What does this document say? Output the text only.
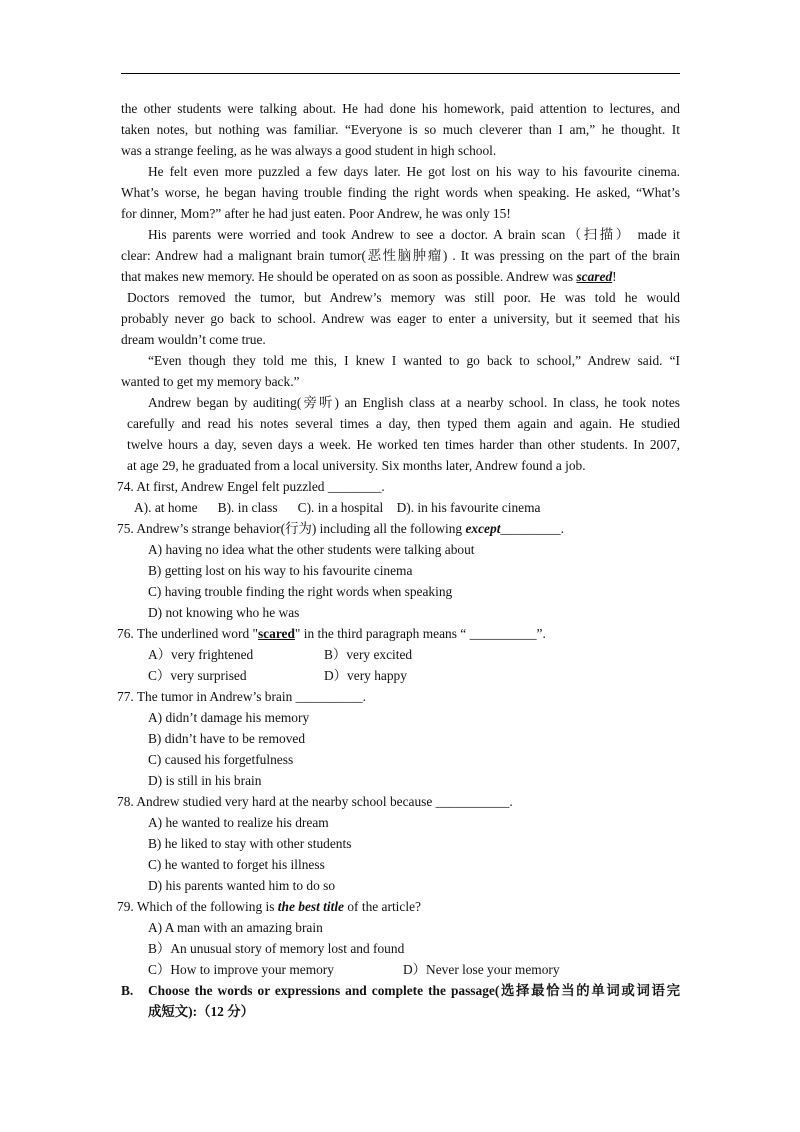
the other students were talking about. He had done his homework, paid attention to lectures, and
taken notes, but nothing was familiar. “Everyone is so much cleverer than I am,” he thought. It
was a strange feeling, as he was always a good student in high school.
He felt even more puzzled a few days later. He got lost on his way to his favourite cinema.
What’s worse, he began having trouble finding the right words when speaking. He asked, “What’s
for dinner, Mom?” after he had just eaten. Poor Andrew, he was only 15!
His parents were worried and took Andrew to see a doctor. A brain scan（扫描） made it
clear: Andrew had a malignant brain tumor(恶性脑肿瘤) . It was pressing on the part of the brain
that makes new memory. He should be operated on as soon as possible. Andrew was scared!
Doctors removed the tumor, but Andrew’s memory was still poor. He was told he would
probably never go back to school. Andrew was eager to enter a university, but it seemed that his
dream wouldn’t come true.
“Even though they told me this, I knew I wanted to go back to school,” Andrew said. “I
wanted to get my memory back.”
Andrew began by auditing(旁听) an English class at a nearby school. In class, he took notes
carefully and read his notes several times a day, then typed them again and again. He studied
twelve hours a day, seven days a week. He worked ten times harder than other students. In 2007,
at age 29, he graduated from a local university. Six months later, Andrew found a job.
74. At first, Andrew Engel felt puzzled ________.
A). at home      B). in class      C). in a hospital    D). in his favourite cinema
75. Andrew’s strange behavior(行为) including all the following except_________.
A) having no idea what the other students were talking about
B) getting lost on his way to his favourite cinema
C) having trouble finding the right words when speaking
D) not knowing who he was
76. The underlined word "scared" in the third paragraph means “ __________”.
A）very frightened	B）very excited
C）very surprised	D）very happy
77. The tumor in Andrew’s brain __________.
A) didn’t damage his memory
B) didn’t have to be removed
C) caused his forgetfulness
D) is still in his brain
78. Andrew studied very hard at the nearby school because ___________.
A) he wanted to realize his dream
B) he liked to stay with other students
C) he wanted to forget his illness
D) his parents wanted him to do so
79. Which of the following is the best title of the article?
A) A man with an amazing brain
B）An unusual story of memory lost and found
C）How to improve your memory	D）Never lose your memory
B. Choose the words or expressions and complete the passage(选择最恰当的单词或词语完
成短文):（12 分）
